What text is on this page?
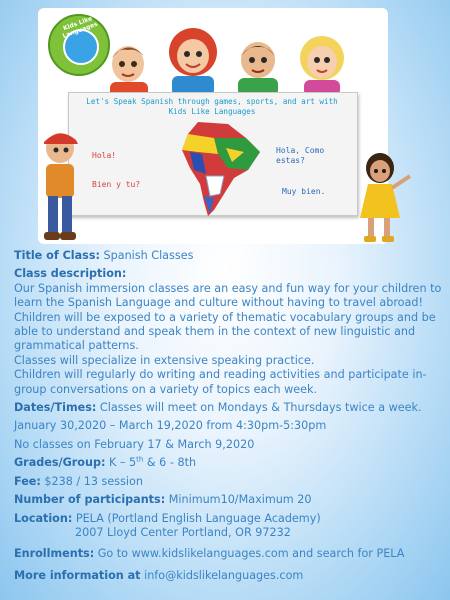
Kids Like Languages
Let's Speak Spanish through games, sports, and art with Kids Like Languages
Hola!
Bien y tu?
Hola, Como estas?
Muy bien.

Title of Class: Spanish Classes

Class description:

Our Spanish immersion classes are an easy and fun way for your children to learn the Spanish Language and culture without having to travel abroad!

Children will be exposed to a variety of thematic vocabulary groups and be able to understand and speak them in the context of new linguistic and grammatical patterns.

Classes will specialize in extensive speaking practice.

Children will regularly do writing and reading activities and participate in-group conversations on a variety of topics each week.

Dates/Times: Classes will meet on Mondays & Thursdays twice a week.

January 30,2020 – March 19,2020 from 4:30pm-5:30pm

No classes on February 17 & March 9,2020

Grades/Group: K – 5th & 6 - 8th

Fee: $238 / 13 session

Number of participants: Minimum10/Maximum 20

Location: PELA (Portland English Language Academy)

2007 Lloyd Center Portland, OR 97232

Enrollments: Go to www.kidslikelanguages.com and search for PELA

More information at info@kidslikelanguages.com
